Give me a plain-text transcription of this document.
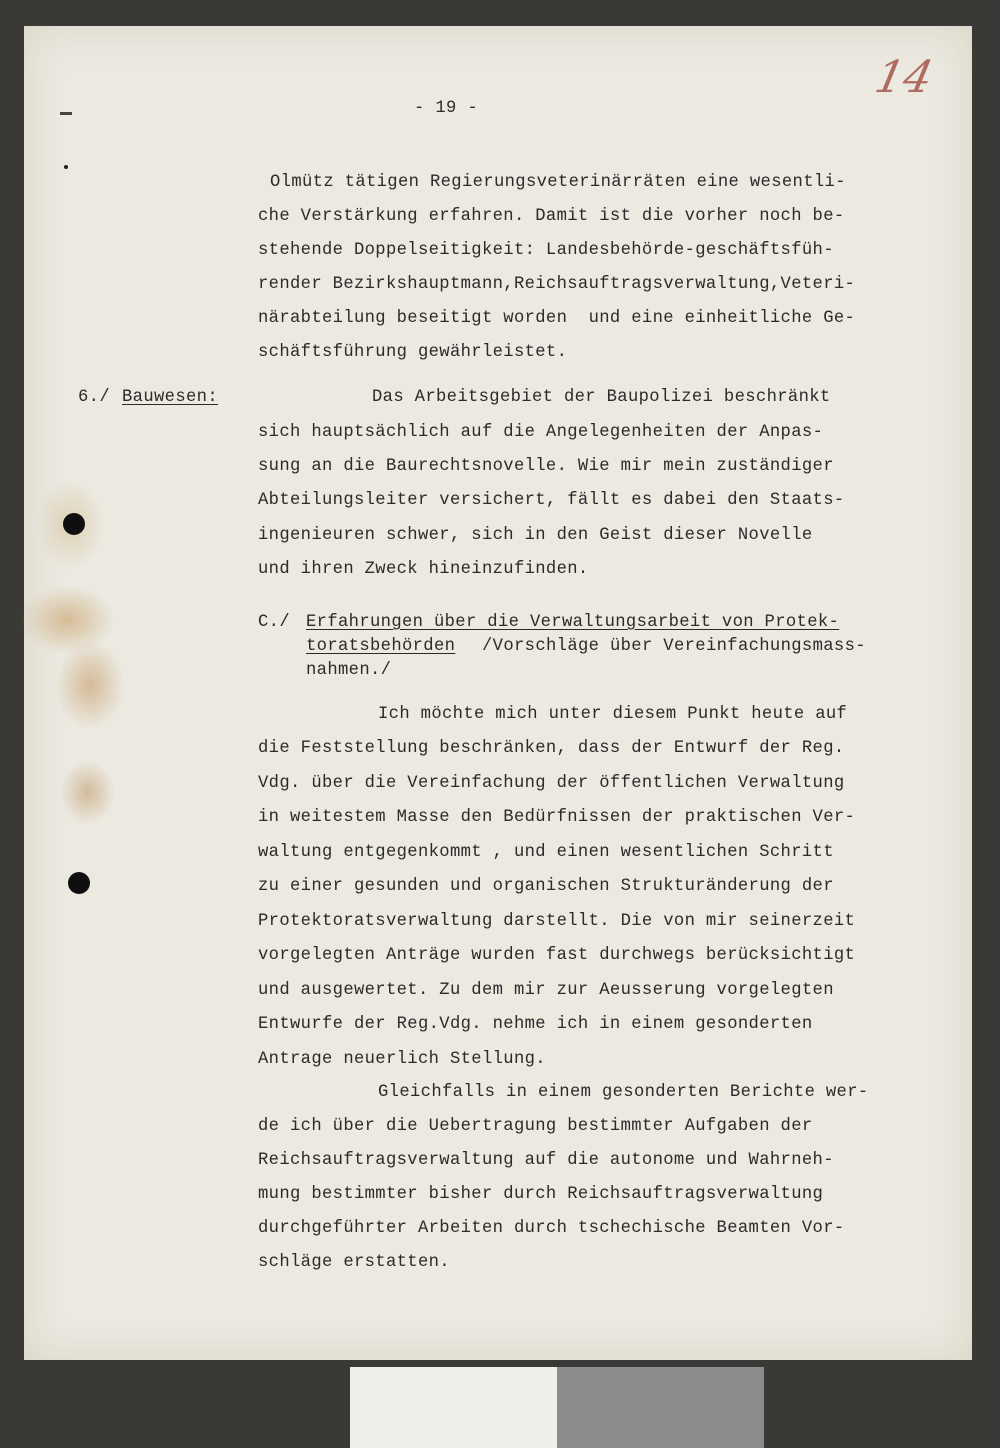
14
- 19 -
Olmütz tätigen Regierungsveterinärräten eine wesentli-
che Verstärkung erfahren. Damit ist die vorher noch be-
stehende Doppelseitigkeit: Landesbehörde-geschäftsfüh-
render Bezirkshauptmann,Reichsauftragsverwaltung,Veteri-
närabteilung beseitigt worden  und eine einheitliche Ge-
schäftsführung gewährleistet.
6./ Bauwesen:	Das Arbeitsgebiet der Baupolizei beschränkt
sich hauptsächlich auf die Angelegenheiten der Anpas-
sung an die Baurechtsnovelle. Wie mir mein zuständiger
Abteilungsleiter versichert, fällt es dabei den Staats-
ingenieuren schwer, sich in den Geist dieser Novelle
und ihren Zweck hineinzufinden.
C./ Erfahrungen über die Verwaltungsarbeit von Protek-
toratsbehörden /Vorschläge über Vereinfachungsmass-
nahmen./
Ich möchte mich unter diesem Punkt heute auf
die Feststellung beschränken, dass der Entwurf der Reg.
Vdg. über die Vereinfachung der öffentlichen Verwaltung
in weitestem Masse den Bedürfnissen der praktischen Ver-
waltung entgegenkommt , und einen wesentlichen Schritt
zu einer gesunden und organischen Strukturänderung der
Protektoratsverwaltung darstellt. Die von mir seinerzeit
vorgelegten Anträge wurden fast durchwegs berücksichtigt
und ausgewertet. Zu dem mir zur Aeusserung vorgelegten
Entwurfe der Reg.Vdg. nehme ich in einem gesonderten
Antrage neuerlich Stellung.
Gleichfalls in einem gesonderten Berichte wer-
de ich über die Uebertragung bestimmter Aufgaben der
Reichsauftragsverwaltung auf die autonome und Wahrneh-
mung bestimmter bisher durch Reichsauftragsverwaltung
durchgeführter Arbeiten durch tschechische Beamten Vor-
schläge erstatten.
